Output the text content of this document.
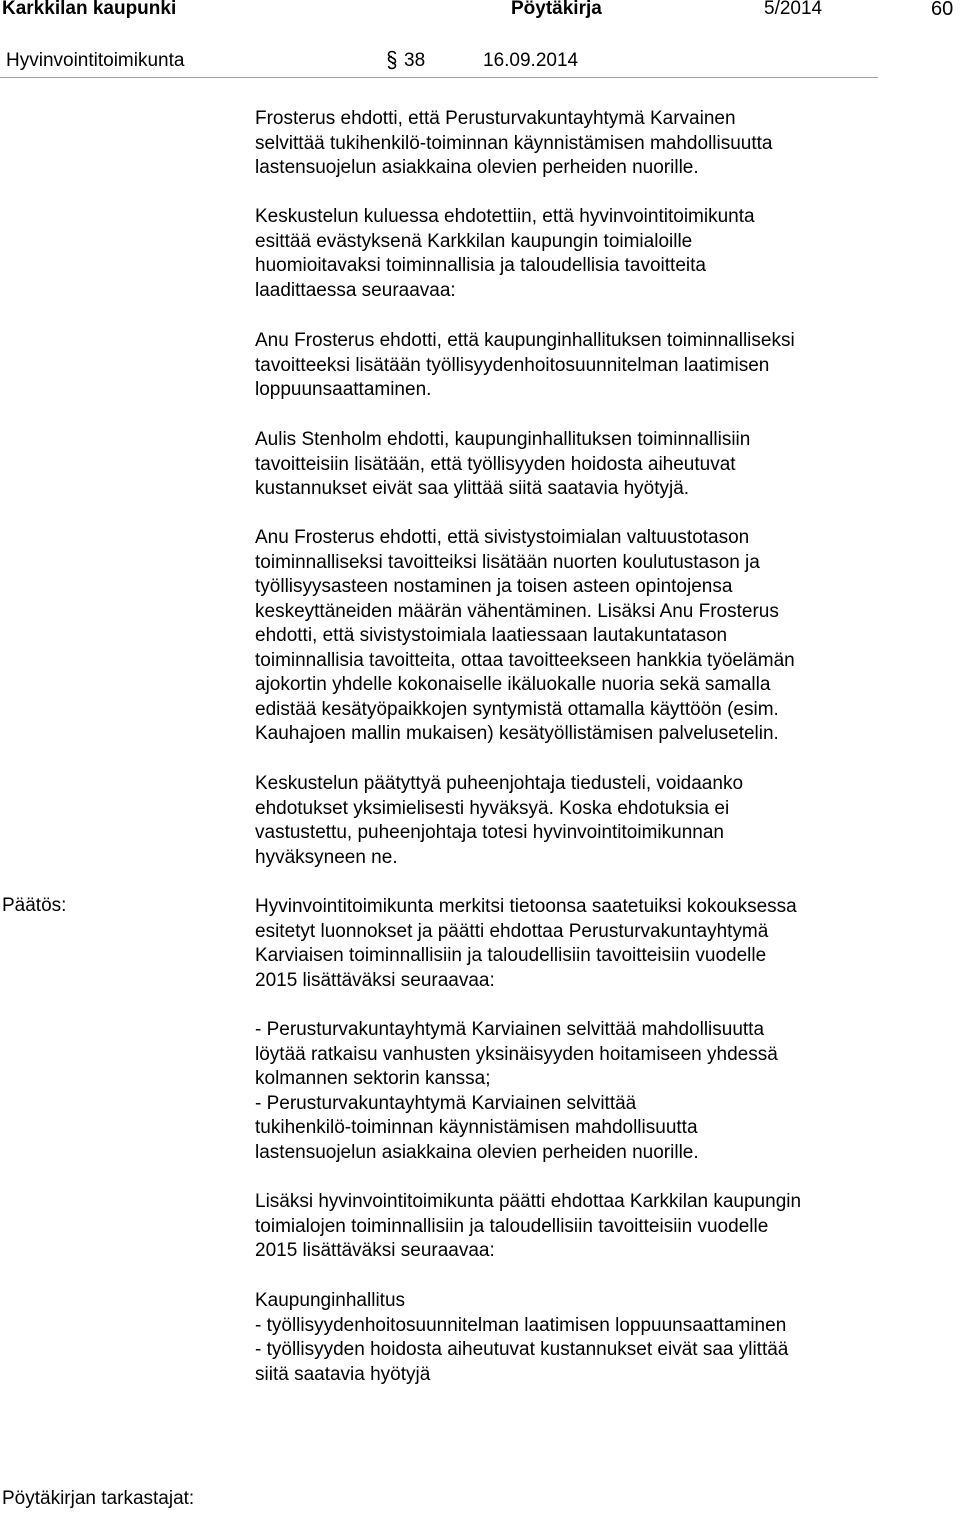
Karkkilan kaupunki	Pöytäkirja	5/2014	60
Hyvinvointitoimikunta	38	16.09.2014
Frosterus ehdotti, että Perusturvakuntayhtymä Karvainen
selvittää tukihenkilö-toiminnan käynnistämisen mahdollisuutta
lastensuojelun asiakkaina olevien perheiden nuorille.
Keskustelun kuluessa ehdotettiin, että hyvinvointitoimikunta
esittää evästyksenä Karkkilan kaupungin toimialoille
huomioitavaksi toiminnallisia ja taloudellisia tavoitteita
laadittaessa seuraavaa:
Anu Frosterus ehdotti, että kaupunginhallituksen toiminnalliseksi
tavoitteeksi lisätään työllisyydenhoitosuunnitelman laatimisen
loppuunsaattaminen.
Aulis Stenholm ehdotti, kaupunginhallituksen toiminnallisiin
tavoitteisiin lisätään, että työllisyyden hoidosta aiheutuvat
kustannukset eivät saa ylittää siitä saatavia hyötyjä.
Anu Frosterus ehdotti, että sivistystoimialan valtuustotason
toiminnalliseksi tavoitteiksi lisätään nuorten koulutustason ja
työllisyysasteen nostaminen ja toisen asteen opintojensa
keskeyttäneiden määrän vähentäminen. Lisäksi Anu Frosterus
ehdotti, että sivistystoimiala laatiessaan lautakuntatason
toiminnallisia tavoitteita, ottaa tavoitteekseen hankkia työelämän
ajokortin yhdelle kokonaiselle ikäluokalle nuoria sekä samalla
edistää kesätyöpaikkojen syntymistä ottamalla käyttöön (esim.
Kauhajoen mallin mukaisen) kesätyöllistämisen palvelusetelin.
Keskustelun päätyttyä puheenjohtaja tiedusteli, voidaanko
ehdotukset yksimielisesti hyväksyä. Koska ehdotuksia ei
vastustettu, puheenjohtaja totesi hyvinvointitoimikunnan
hyväksyneen ne.
Päätös:	Hyvinvointitoimikunta merkitsi tietoonsa saatetuiksi kokouksessa
esitetyt luonnokset ja päätti ehdottaa Perusturvakuntayhtymä
Karviaisen toiminnallisiin ja taloudellisiin tavoitteisiin vuodelle
2015 lisättäväksi seuraavaa:
- Perusturvakuntayhtymä Karviainen selvittää mahdollisuutta
löytää ratkaisu vanhusten yksinäisyyden hoitamiseen yhdessä
kolmannen sektorin kanssa;
- Perusturvakuntayhtymä Karviainen selvittää
tukihenkilö-toiminnan käynnistämisen mahdollisuutta
lastensuojelun asiakkaina olevien perheiden nuorille.
Lisäksi hyvinvointitoimikunta päätti ehdottaa Karkkilan kaupungin
toimialojen toiminnallisiin ja taloudellisiin tavoitteisiin vuodelle
2015 lisättäväksi seuraavaa:
Kaupunginhallitus
- työllisyydenhoitosuunnitelman laatimisen loppuunsaattaminen
- työllisyyden hoidosta aiheutuvat kustannukset eivät saa ylittää
siitä saatavia hyötyjä
Pöytäkirjan tarkastajat:
